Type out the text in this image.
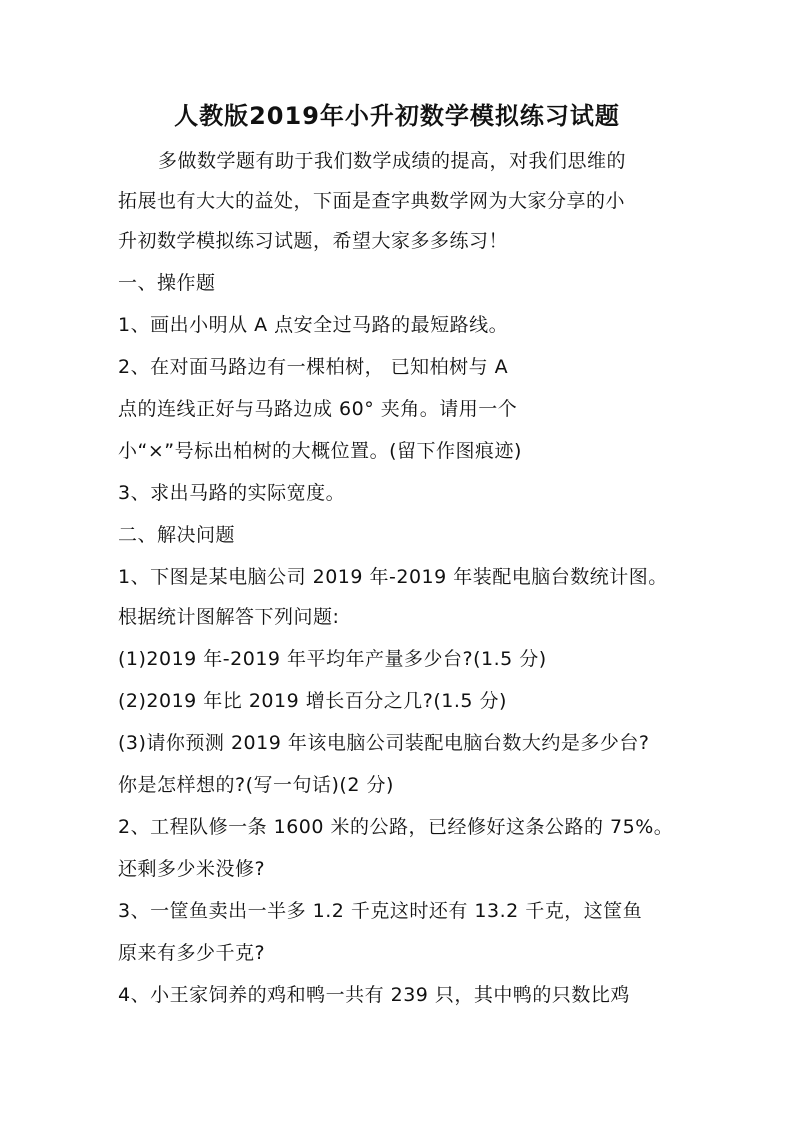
人教版2019年小升初数学模拟练习试题
多做数学题有助于我们数学成绩的提高，对我们思维的
拓展也有大大的益处，下面是查字典数学网为大家分享的小
升初数学模拟练习试题，希望大家多多练习！
一、操作题
1、画出小明从 A 点安全过马路的最短路线。
2、在对面马路边有一棵柏树， 已知柏树与 A
点的连线正好与马路边成 60° 夹角。请用一个
小“×”号标出柏树的大概位置。(留下作图痕迹)
3、求出马路的实际宽度。
二、解决问题
1、下图是某电脑公司 2019 年-2019 年装配电脑台数统计图。
根据统计图解答下列问题:
(1)2019 年-2019 年平均年产量多少台?(1.5 分)
(2)2019 年比 2019 增长百分之几?(1.5 分)
(3)请你预测 2019 年该电脑公司装配电脑台数大约是多少台?
你是怎样想的?(写一句话)(2 分)
2、工程队修一条 1600 米的公路，已经修好这条公路的 75%。
还剩多少米没修?
3、一筐鱼卖出一半多 1.2 千克这时还有 13.2 千克，这筐鱼
原来有多少千克?
4、小王家饲养的鸡和鸭一共有 239 只，其中鸭的只数比鸡
